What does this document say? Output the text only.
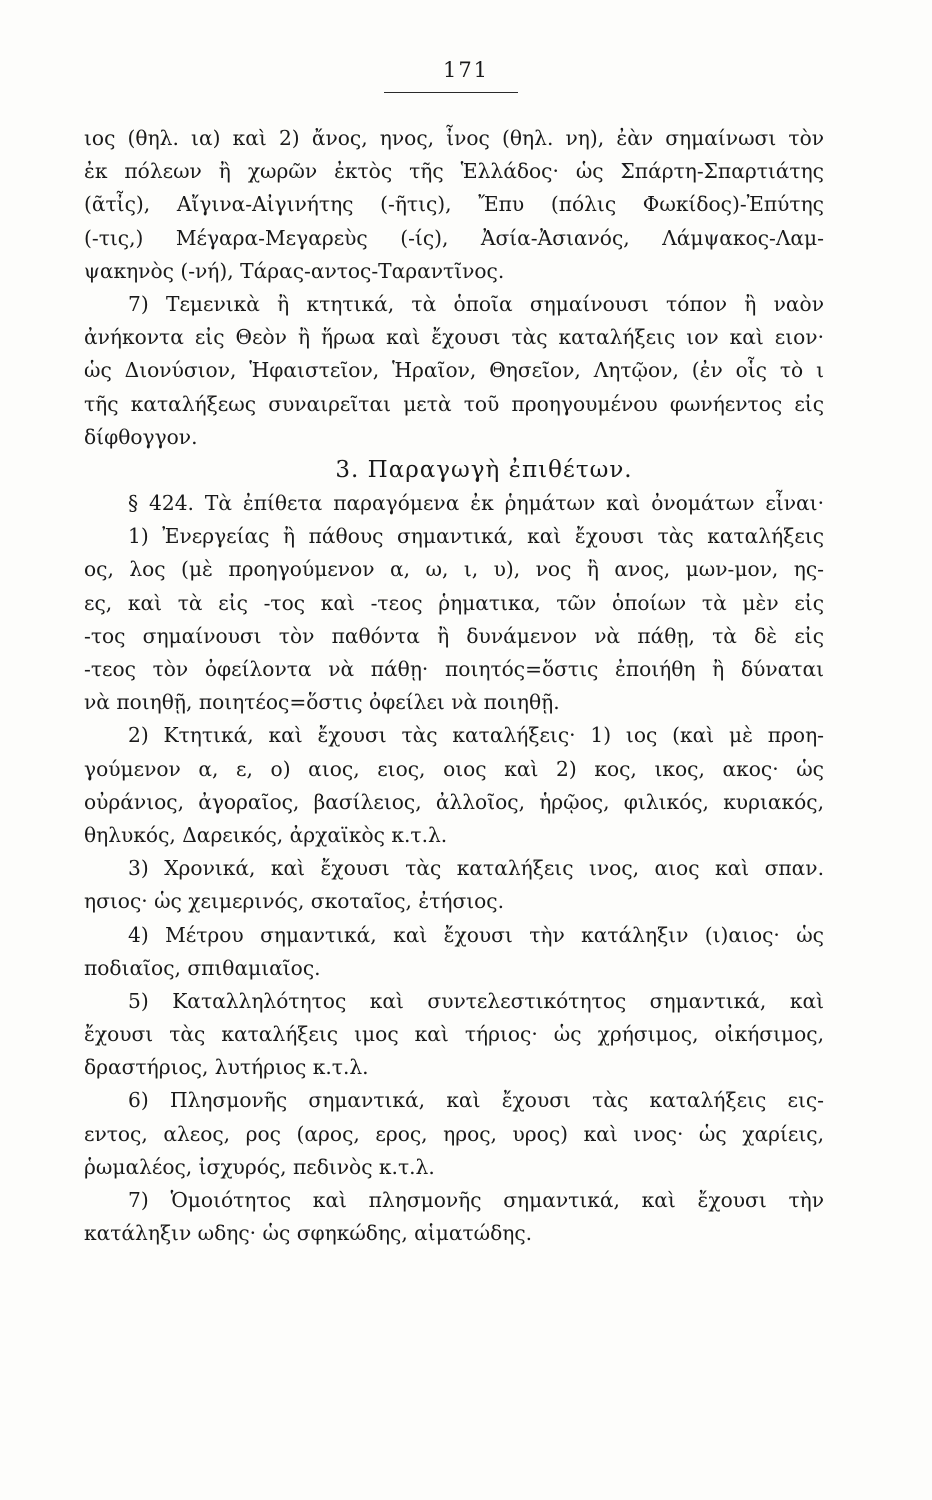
171
ιος (θηλ. ια) καὶ 2) ἄνος, ηνος, ἶνος (θηλ. νη), ἐὰν σημαίνωσι τὸν
ἐκ πόλεων ἢ χωρῶν ἐκτὸς τῆς Ἑλλάδος· ὡς Σπάρτη-Σπαρτιάτης
(ᾶτἶς), Αἴγινα-Αἰγινήτης (-ῆτις), Ἔπυ (πόλις Φωκίδος)-Ἐπύτης
(-τις,) Μέγαρα-Μεγαρεὺς (-ίς), Ἀσία-Ἀσιανός, Λάμψακος-Λαμ-
ψακηνὸς (-νή), Τάρας-αντος-Ταραντῖνος.
7) Τεμενικὰ ἢ κτητικά, τὰ ὁποῖα σημαίνουσι τόπον ἢ ναὸν
ἀνήκοντα εἰς Θεὸν ἢ ἥρωα καὶ ἔχουσι τὰς καταλήξεις ιον καὶ ειον·
ὡς Διονύσιον, Ἡφαιστεῖον, Ἡραῖον, Θησεῖον, Λητῷον, (ἐν οἷς τὸ ι
τῆς καταλήξεως συναιρεῖται μετὰ τοῦ προηγουμένου φωνήεντος εἰς
δίφθογγον.
3. Παραγωγὴ ἐπιθέτων.
§ 424. Τὰ ἐπίθετα παραγόμενα ἐκ ῥημάτων καὶ ὀνομάτων εἶναι·
1) Ἐνεργείας ἢ πάθους σημαντικά, καὶ ἔχουσι τὰς καταλήξεις
ος, λος (μὲ προηγούμενον α, ω, ι, υ), νος ἢ ανος, μων-μον, ης-
ες, καὶ τὰ εἰς -τος καὶ -τεος ῥηματικα, τῶν ὁποίων τὰ μὲν εἰς
-τος σημαίνουσι τὸν παθόντα ἢ δυνάμενον νὰ πάθῃ, τὰ δὲ εἰς
-τεος τὸν ὀφείλοντα νὰ πάθῃ· ποιητός=ὅστις ἐποιήθη ἢ δύναται
νὰ ποιηθῇ, ποιητέος=ὅστις ὀφείλει νὰ ποιηθῇ.
2) Κτητικά, καὶ ἔχουσι τὰς καταλήξεις· 1) ιος (καὶ μὲ προη-
γούμενον α, ε, ο) αιος, ειος, οιος καὶ 2) κος, ικος, ακος· ὡς
οὐράνιος, ἀγοραῖος, βασίλειος, ἀλλοῖος, ἡρῷος, φιλικός, κυριακός,
θηλυκός, Δαρεικός, ἀρχαϊκὸς κ.τ.λ.
3) Χρονικά, καὶ ἔχουσι τὰς καταλήξεις ινος, αιος καὶ σπαν.
ησιος· ὡς χειμερινός, σκοταῖος, ἐτήσιος.
4) Μέτρου σημαντικά, καὶ ἔχουσι τὴν κατάληξιν (ι)αιος· ὡς
ποδιαῖος, σπιθαμιαῖος.
5) Καταλληλότητος καὶ συντελεστικότητος σημαντικά, καὶ
ἔχουσι τὰς καταλήξεις ιμος καὶ τήριος· ὡς χρήσιμος, οἰκήσιμος,
δραστήριος, λυτήριος κ.τ.λ.
6) Πλησμονῆς σημαντικά, καὶ ἔχουσι τὰς καταλήξεις εις-
εντος, αλεος, ρος (αρος, ερος, ηρος, υρος) καὶ ινος· ὡς χαρίεις,
ῥωμαλέος, ἰσχυρός, πεδινὸς κ.τ.λ.
7) Ὁμοιότητος καὶ πλησμονῆς σημαντικά, καὶ ἔχουσι τὴν
κατάληξιν ωδης· ὡς σφηκώδης, αἱματώδης.
